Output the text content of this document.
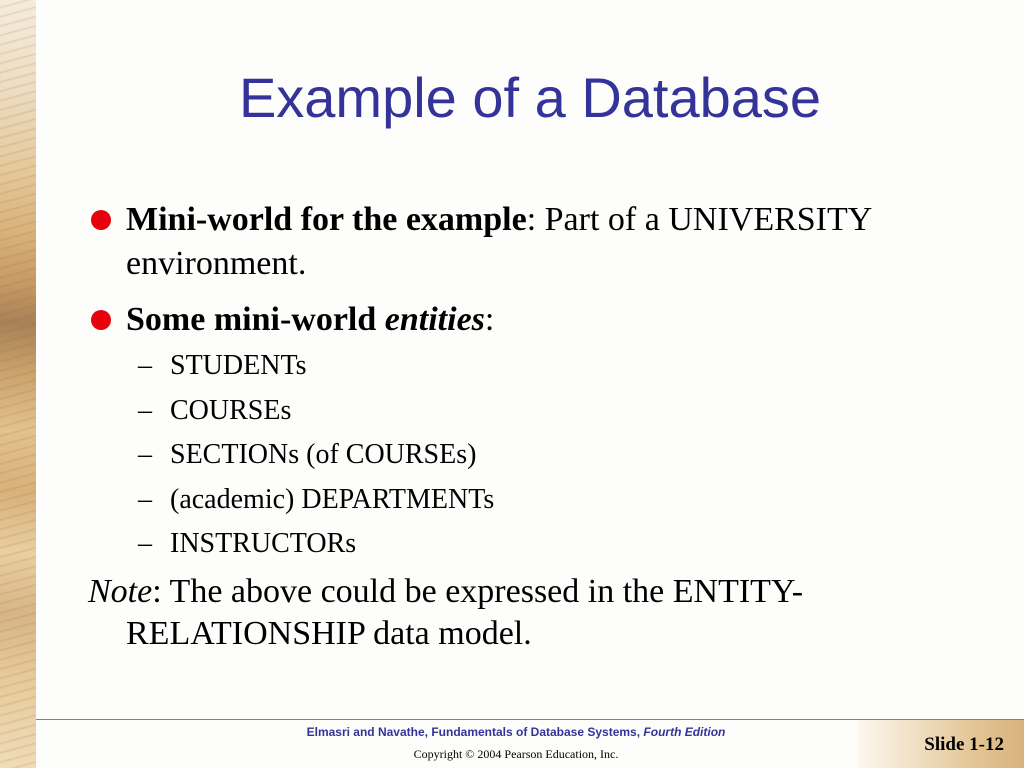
Example of a Database
Mini-world for the example: Part of a UNIVERSITY environment.
Some mini-world entities:
– STUDENTs
– COURSEs
– SECTIONs (of COURSEs)
– (academic) DEPARTMENTs
– INSTRUCTORs
Note: The above could be expressed in the ENTITY-RELATIONSHIP data model.
Elmasri and Navathe, Fundamentals of Database Systems, Fourth Edition
Copyright © 2004 Pearson Education, Inc.	Slide 1-12
